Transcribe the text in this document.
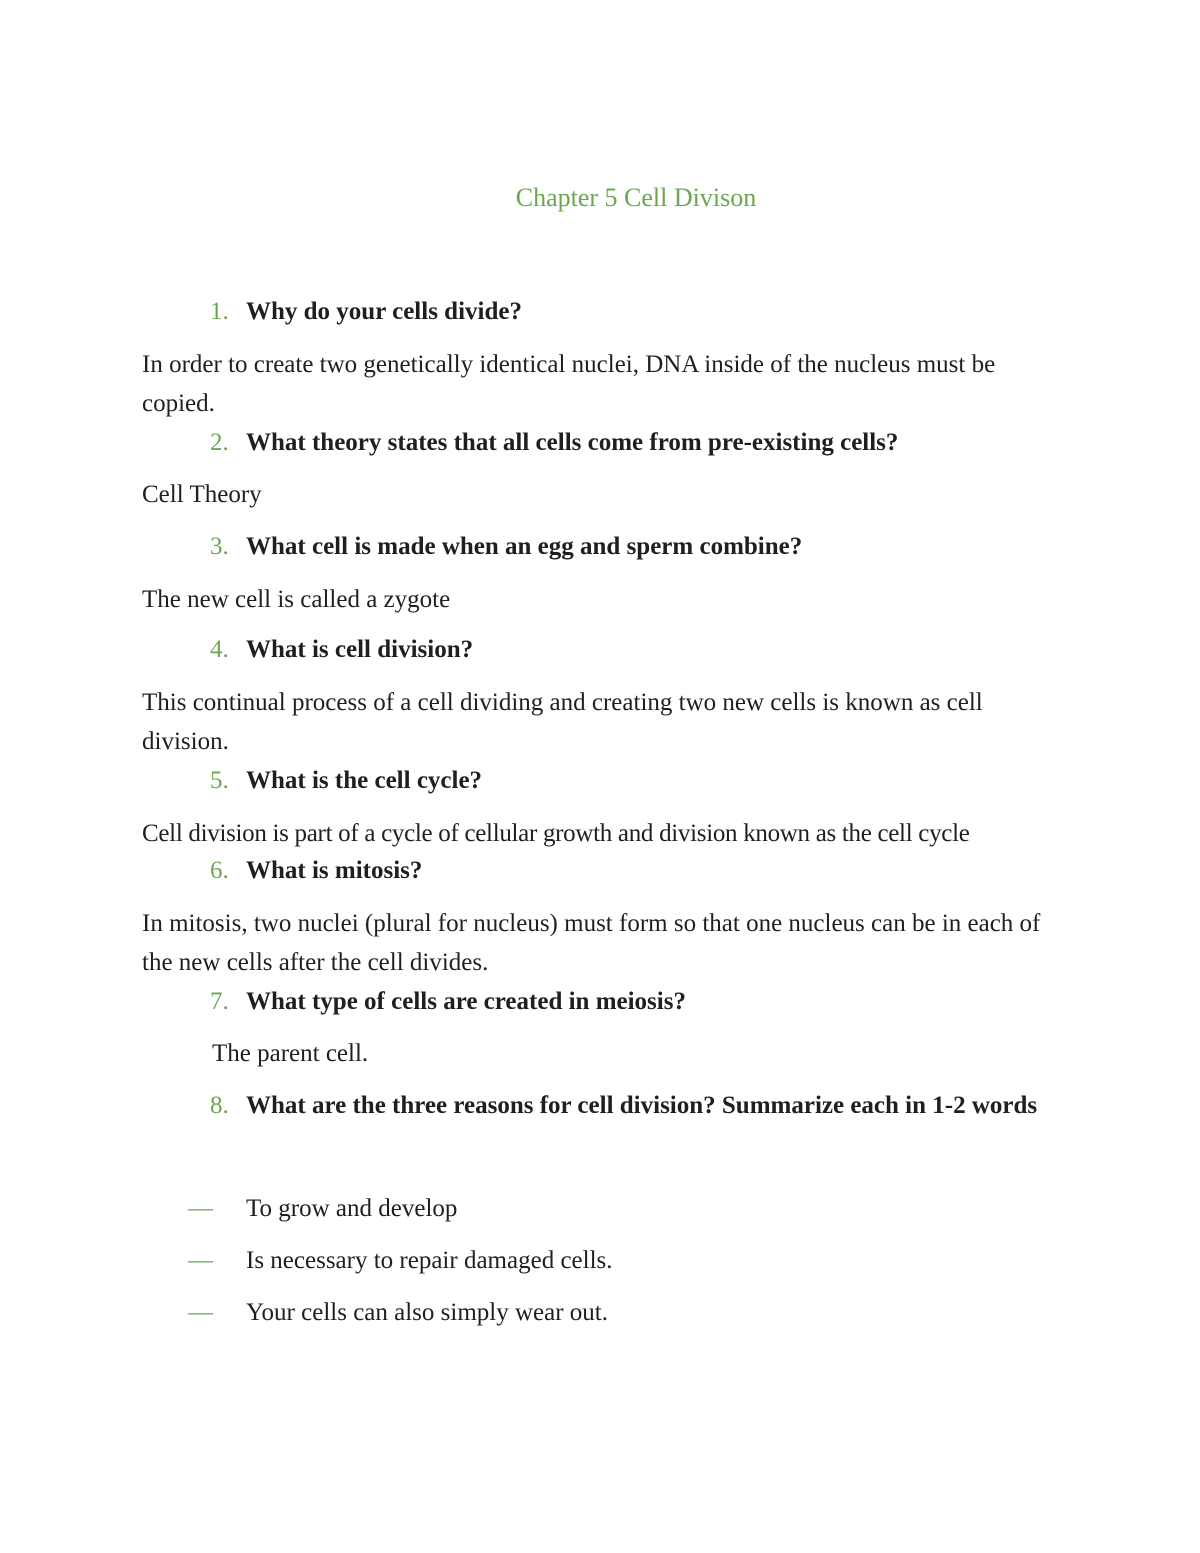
Chapter 5 Cell Divison
1. Why do your cells divide?

In order to create two genetically identical nuclei, DNA inside of the nucleus must be copied.

2. What theory states that all cells come from pre-existing cells?

Cell Theory

3. What cell is made when an egg and sperm combine?

The new cell is called a zygote

4. What is cell division?

This continual process of a cell dividing and creating two new cells is known as cell division.

5. What is the cell cycle?

Cell division is part of a cycle of cellular growth and division known as the cell cycle

6. What is mitosis?

In mitosis, two nuclei (plural for nucleus) must form so that one nucleus can be in each of the new cells after the cell divides.

7. What type of cells are created in meiosis?

The parent cell.

8. What are the three reasons for cell division? Summarize each in 1-2 words
— To grow and develop
— Is necessary to repair damaged cells.
— Your cells can also simply wear out.
